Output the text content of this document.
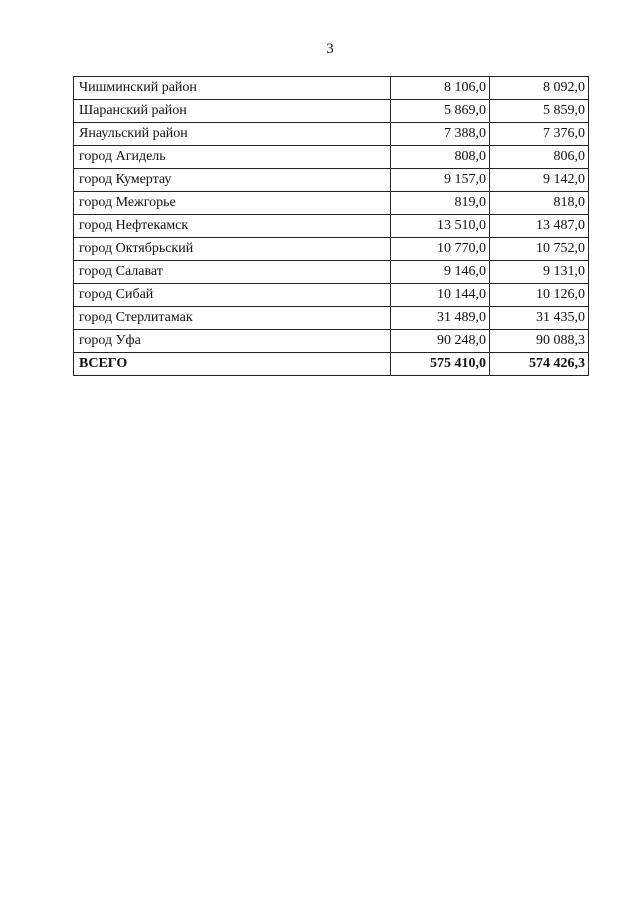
3
Чишминский район	8 106,0	8 092,0
Шаранский район	5 869,0	5 859,0
Янаульский район	7 388,0	7 376,0
город Агидель	808,0	806,0
город Кумертау	9 157,0	9 142,0
город Межгорье	819,0	818,0
город Нефтекамск	13 510,0	13 487,0
город Октябрьский	10 770,0	10 752,0
город Салават	9 146,0	9 131,0
город Сибай	10 144,0	10 126,0
город Стерлитамак	31 489,0	31 435,0
город Уфа	90 248,0	90 088,3
ВСЕГО	575 410,0	574 426,3
